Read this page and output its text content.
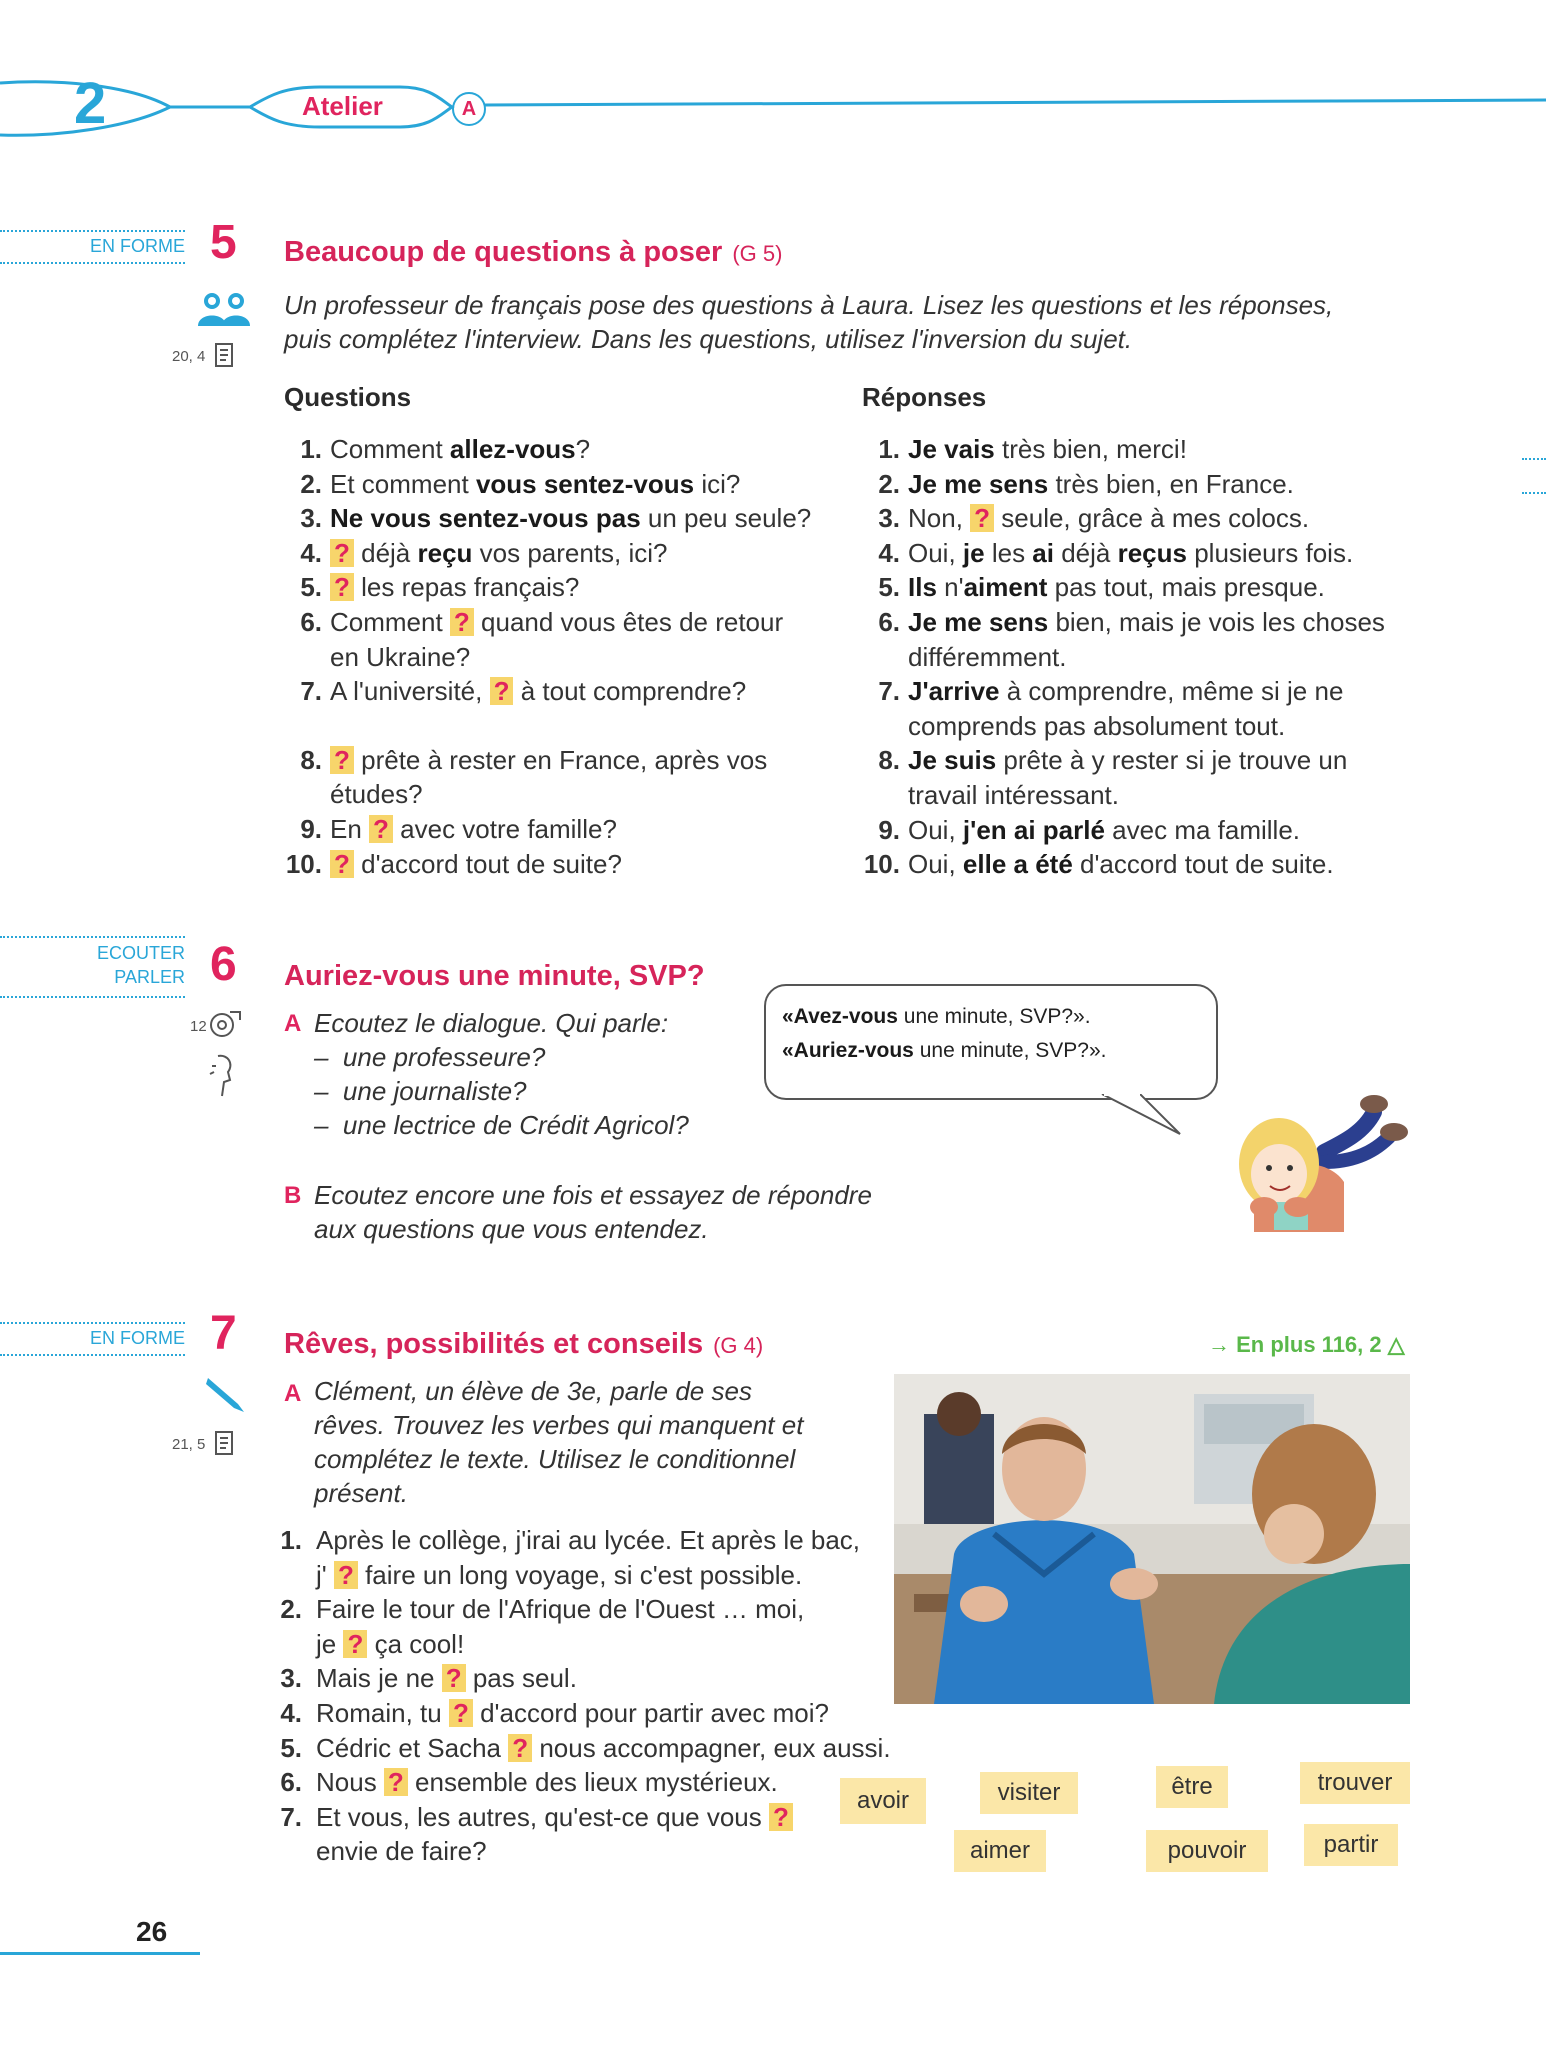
2	Atelier	A
EN FORME 5 Beaucoup de questions à poser (G 5)
20, 4
Un professeur de français pose des questions à Laura. Lisez les questions et les réponses,
puis complétez l'interview. Dans les questions, utilisez l'inversion du sujet.
Questions	Réponses
1. Comment allez-vous?
2. Et comment vous sentez-vous ici?
3. Ne vous sentez-vous pas un peu seule?
4. ? déjà reçu vos parents, ici?
5. ? les repas français?
6. Comment ? quand vous êtes de retour
en Ukraine?
7. A l'université, ? à tout comprendre?
8. ? prête à rester en France, après vos
études?
9. En ? avec votre famille?
10. ? d'accord tout de suite?
1. Je vais très bien, merci!
2. Je me sens très bien, en France.
3. Non, ? seule, grâce à mes colocs.
4. Oui, je les ai déjà reçus plusieurs fois.
5. Ils n'aiment pas tout, mais presque.
6. Je me sens bien, mais je vois les choses
différemment.
7. J'arrive à comprendre, même si je ne
comprends pas absolument tout.
8. Je suis prête à y rester si je trouve un
travail intéressant.
9. Oui, j'en ai parlé avec ma famille.
10. Oui, elle a été d'accord tout de suite.
ECOUTER
PARLER 6 Auriez-vous une minute, SVP?
12	A Ecoutez le dialogue. Qui parle:
–  une professeure?
–  une journaliste?
–  une lectrice de Crédit Agricol?
B Ecoutez encore une fois et essayez de répondre
aux questions que vous entendez.
«Avez-vous une minute, SVP?».
«Auriez-vous une minute, SVP?».
EN FORME 7 Rêves, possibilités et conseils (G 4)	→ En plus 116, 2 △
21, 5
A Clément, un élève de 3e, parle de ses
rêves. Trouvez les verbes qui manquent et
complétez le texte. Utilisez le conditionnel
présent.
1. Après le collège, j'irai au lycée. Et après le bac,
j' ? faire un long voyage, si c'est possible.
2. Faire le tour de l'Afrique de l'Ouest … moi,
je ? ça cool!
3. Mais je ne ? pas seul.
4. Romain, tu ? d'accord pour partir avec moi?
5. Cédric et Sacha ? nous accompagner, eux aussi.
6. Nous ? ensemble des lieux mystérieux.
7. Et vous, les autres, qu'est-ce que vous ?
envie de faire?
avoir	visiter	être	trouver
aimer	pouvoir	partir
26
